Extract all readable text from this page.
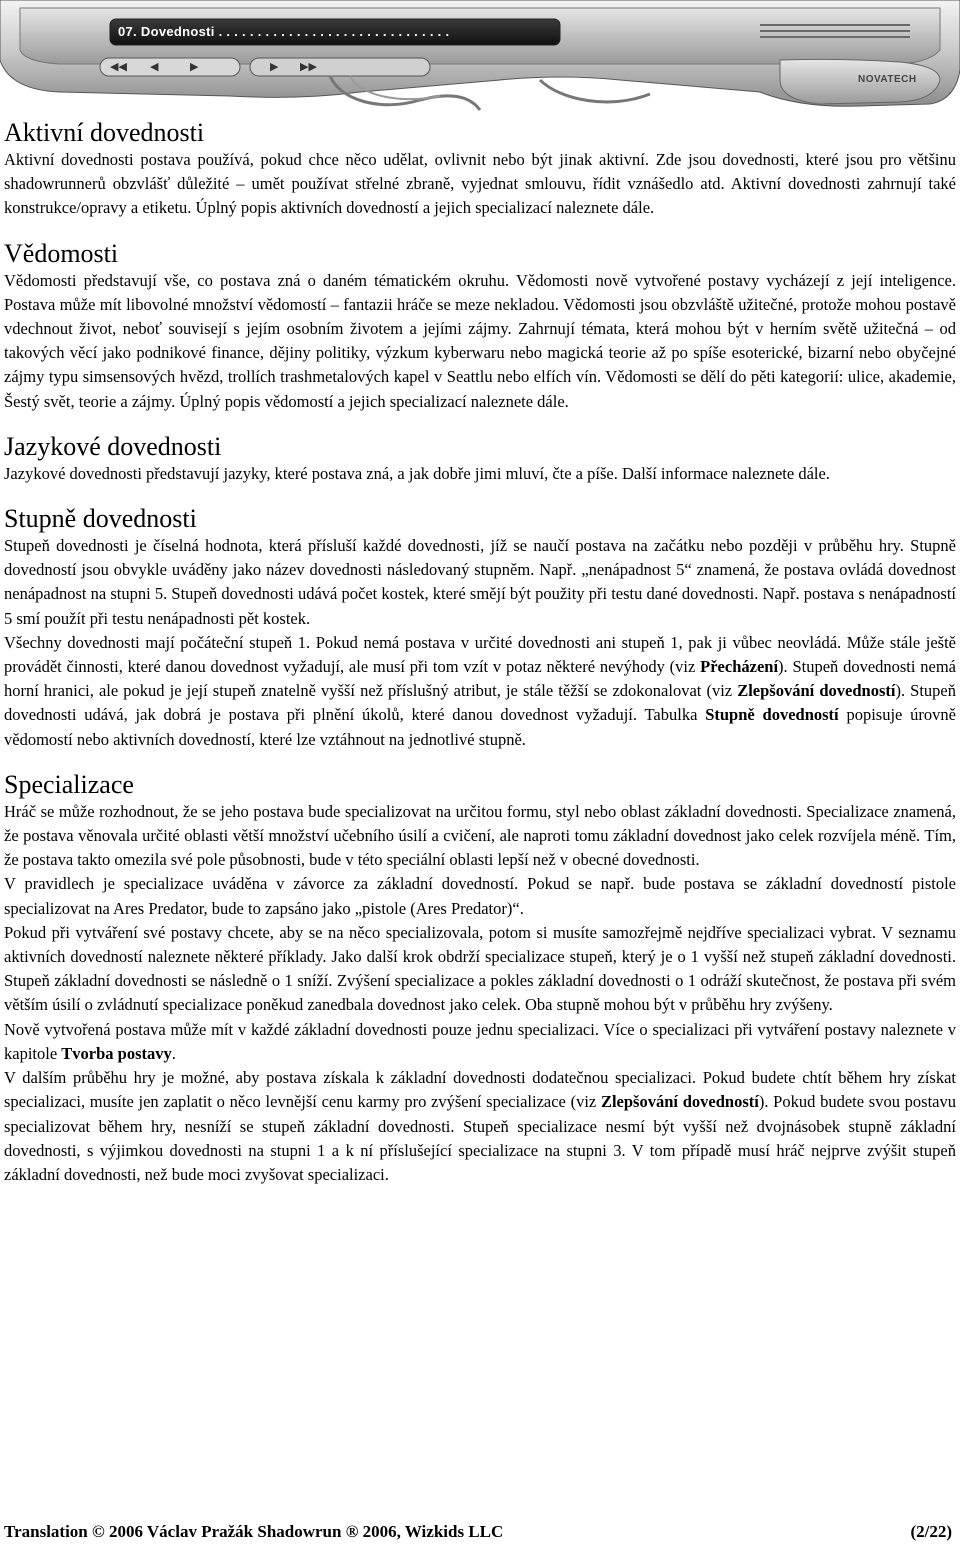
07. Dovednosti . . . . . . . . . . . . . . . . . . . . . . . . . . . . . .
◀◀ ◀	▶	▶ ▶▶
NOVATECH
Aktivní dovednosti

Aktivní dovednosti postava používá, pokud chce něco udělat, ovlivnit nebo být jinak aktivní. Zde jsou dovednosti, které jsou pro většinu shadowrunnerů obzvlášť důležité – umět používat střelné zbraně, vyjednat smlouvu, řídit vznášedlo atd. Aktivní dovednosti zahrnují také konstrukce/opravy a etiketu. Úplný popis aktivních dovedností a jejich specializací naleznete dále.

Vědomosti

Vědomosti představují vše, co postava zná o daném tématickém okruhu. Vědomosti nově vytvořené postavy vycházejí z její inteligence. Postava může mít libovolné množství vědomostí – fantazii hráče se meze nekladou. Vědomosti jsou obzvláště užitečné, protože mohou postavě vdechnout život, neboť souvisejí s jejím osobním životem a jejími zájmy. Zahrnují témata, která mohou být v herním světě užitečná – od takových věcí jako podnikové finance, dějiny politiky, výzkum kyberwaru nebo magická teorie až po spíše esoterické, bizarní nebo obyčejné zájmy typu simsensových hvězd, trollích trashmetalových kapel v Seattlu nebo elfích vín. Vědomosti se dělí do pěti kategorií: ulice, akademie, Šestý svět, teorie a zájmy. Úplný popis vědomostí a jejich specializací naleznete dále.

Jazykové dovednosti

Jazykové dovednosti představují jazyky, které postava zná, a jak dobře jimi mluví, čte a píše. Další informace naleznete dále.

Stupně dovednosti

Stupeň dovednosti je číselná hodnota, která přísluší každé dovednosti, jíž se naučí postava na začátku nebo později v průběhu hry. Stupně dovedností jsou obvykle uváděny jako název dovednosti následovaný stupněm. Např. „nenápadnost 5“ znamená, že postava ovládá dovednost nenápadnost na stupni 5. Stupeň dovednosti udává počet kostek, které smějí být použity při testu dané dovednosti. Např. postava s nenápadností 5 smí použít při testu nenápadnosti pět kostek.

Všechny dovednosti mají počáteční stupeň 1. Pokud nemá postava v určité dovednosti ani stupeň 1, pak ji vůbec neovládá. Může stále ještě provádět činnosti, které danou dovednost vyžadují, ale musí při tom vzít v potaz některé nevýhody (viz Přecházení). Stupeň dovednosti nemá horní hranici, ale pokud je její stupeň znatelně vyšší než příslušný atribut, je stále těžší se zdokonalovat (viz Zlepšování dovedností). Stupeň dovednosti udává, jak dobrá je postava při plnění úkolů, které danou dovednost vyžadují. Tabulka Stupně dovedností popisuje úrovně vědomostí nebo aktivních dovedností, které lze vztáhnout na jednotlivé stupně.

Specializace

Hráč se může rozhodnout, že se jeho postava bude specializovat na určitou formu, styl nebo oblast základní dovednosti. Specializace znamená, že postava věnovala určité oblasti větší množství učebního úsilí a cvičení, ale naproti tomu základní dovednost jako celek rozvíjela méně. Tím, že postava takto omezila své pole působnosti, bude v této speciální oblasti lepší než v obecné dovednosti.

V pravidlech je specializace uváděna v závorce za základní dovedností. Pokud se např. bude postava se základní dovedností pistole specializovat na Ares Predator, bude to zapsáno jako „pistole (Ares Predator)“.

Pokud při vytváření své postavy chcete, aby se na něco specializovala, potom si musíte samozřejmě nejdříve specializaci vybrat. V seznamu aktivních dovedností naleznete některé příklady. Jako další krok obdrží specializace stupeň, který je o 1 vyšší než stupeň základní dovednosti. Stupeň základní dovednosti se následně o 1 sníží. Zvýšení specializace a pokles základní dovednosti o 1 odráží skutečnost, že postava při svém větším úsilí o zvládnutí specializace poněkud zanedbala dovednost jako celek. Oba stupně mohou být v průběhu hry zvýšeny.

Nově vytvořená postava může mít v každé základní dovednosti pouze jednu specializaci. Více o specializaci při vytváření postavy naleznete v kapitole Tvorba postavy.

V dalším průběhu hry je možné, aby postava získala k základní dovednosti dodatečnou specializaci. Pokud budete chtít během hry získat specializaci, musíte jen zaplatit o něco levnější cenu karmy pro zvýšení specializace (viz Zlepšování dovedností). Pokud budete svou postavu specializovat během hry, nesníží se stupeň základní dovednosti. Stupeň specializace nesmí být vyšší než dvojnásobek stupně základní dovednosti, s výjimkou dovednosti na stupni 1 a k ní příslušející specializace na stupni 3. V tom případě musí hráč nejprve zvýšit stupeň základní dovednosti, než bude moci zvyšovat specializaci.

Translation © 2006 Václav Pražák Shadowrun ® 2006, Wizkids LLC	(2/22)
